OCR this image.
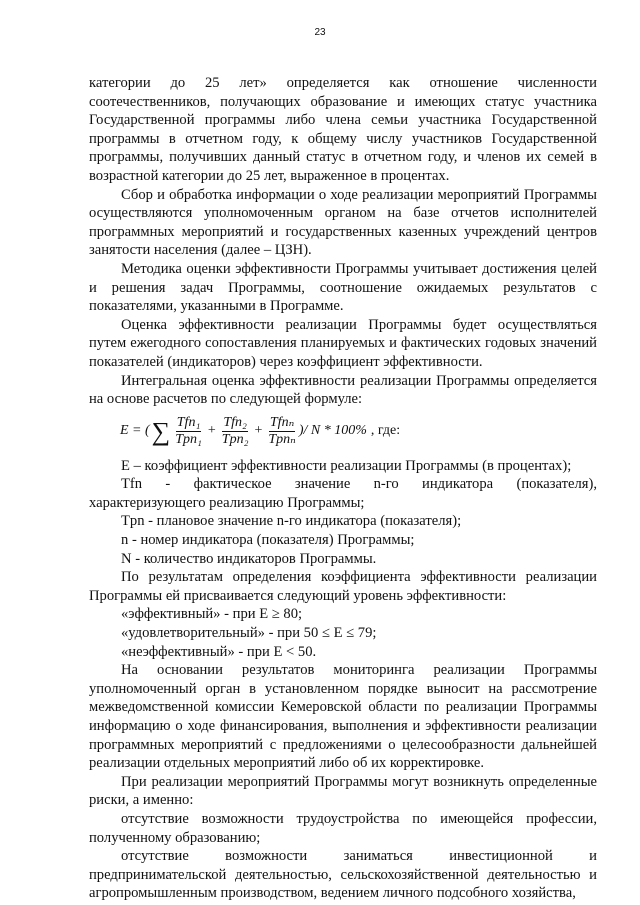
23

категории до 25 лет» определяется как отношение численности соотечественников, получающих образование и имеющих статус участника Государственной программы либо члена семьи участника Государственной программы в отчетном году, к общему числу участников Государственной программы, получивших данный статус в отчетном году, и членов их семей в возрастной категории до 25 лет, выраженное в процентах.

Сбор и обработка информации о ходе реализации мероприятий Программы осуществляются уполномоченным органом на базе отчетов исполнителей программных мероприятий и государственных казенных учреждений центров занятости населения (далее – ЦЗН).

Методика оценки эффективности Программы учитывает достижения целей и решения задач Программы, соотношение ожидаемых результатов с показателями, указанными в Программе.

Оценка эффективности реализации Программы будет осуществляться путем ежегодного сопоставления планируемых и фактических годовых значений показателей (индикаторов) через коэффициент эффективности.

Интегральная оценка эффективности реализации Программы определяется на основе расчетов по следующей формуле:

E = ( ∑ $\frac{\text{Tfn₁}}{\text{Tpn₁}} + \frac{\text{Tfn₂}}{\text{Tpn₂}} + \frac{\text{Tfnₙ}}{\text{Tpnₙ}}$ )/ N * 100% , где:

E – коэффициент эффективности реализации Программы (в процентах);

Tfn - фактическое значение n-го индикатора (показателя), характеризующего реализацию Программы;

Tpn - плановое значение n-го индикатора (показателя);

n - номер индикатора (показателя) Программы;

N - количество индикаторов Программы.

По результатам определения коэффициента эффективности реализации Программы ей присваивается следующий уровень эффективности:

«эффективный» - при E ≥ 80;

«удовлетворительный» - при 50 ≤ E ≤ 79;

«неэффективный» - при E < 50.

На основании результатов мониторинга реализации Программы уполномоченный орган в установленном порядке выносит на рассмотрение межведомственной комиссии Кемеровской области по реализации Программы информацию о ходе финансирования, выполнения и эффективности реализации программных мероприятий с предложениями о целесообразности дальнейшей реализации отдельных мероприятий либо об их корректировке.

При реализации мероприятий Программы могут возникнуть определенные риски, а именно:

отсутствие возможности трудоустройства по имеющейся профессии, полученному образованию;

отсутствие возможности заниматься инвестиционной и предпринимательской деятельностью, сельскохозяйственной деятельностью и агропромышленным производством, ведением личного подсобного хозяйства,
